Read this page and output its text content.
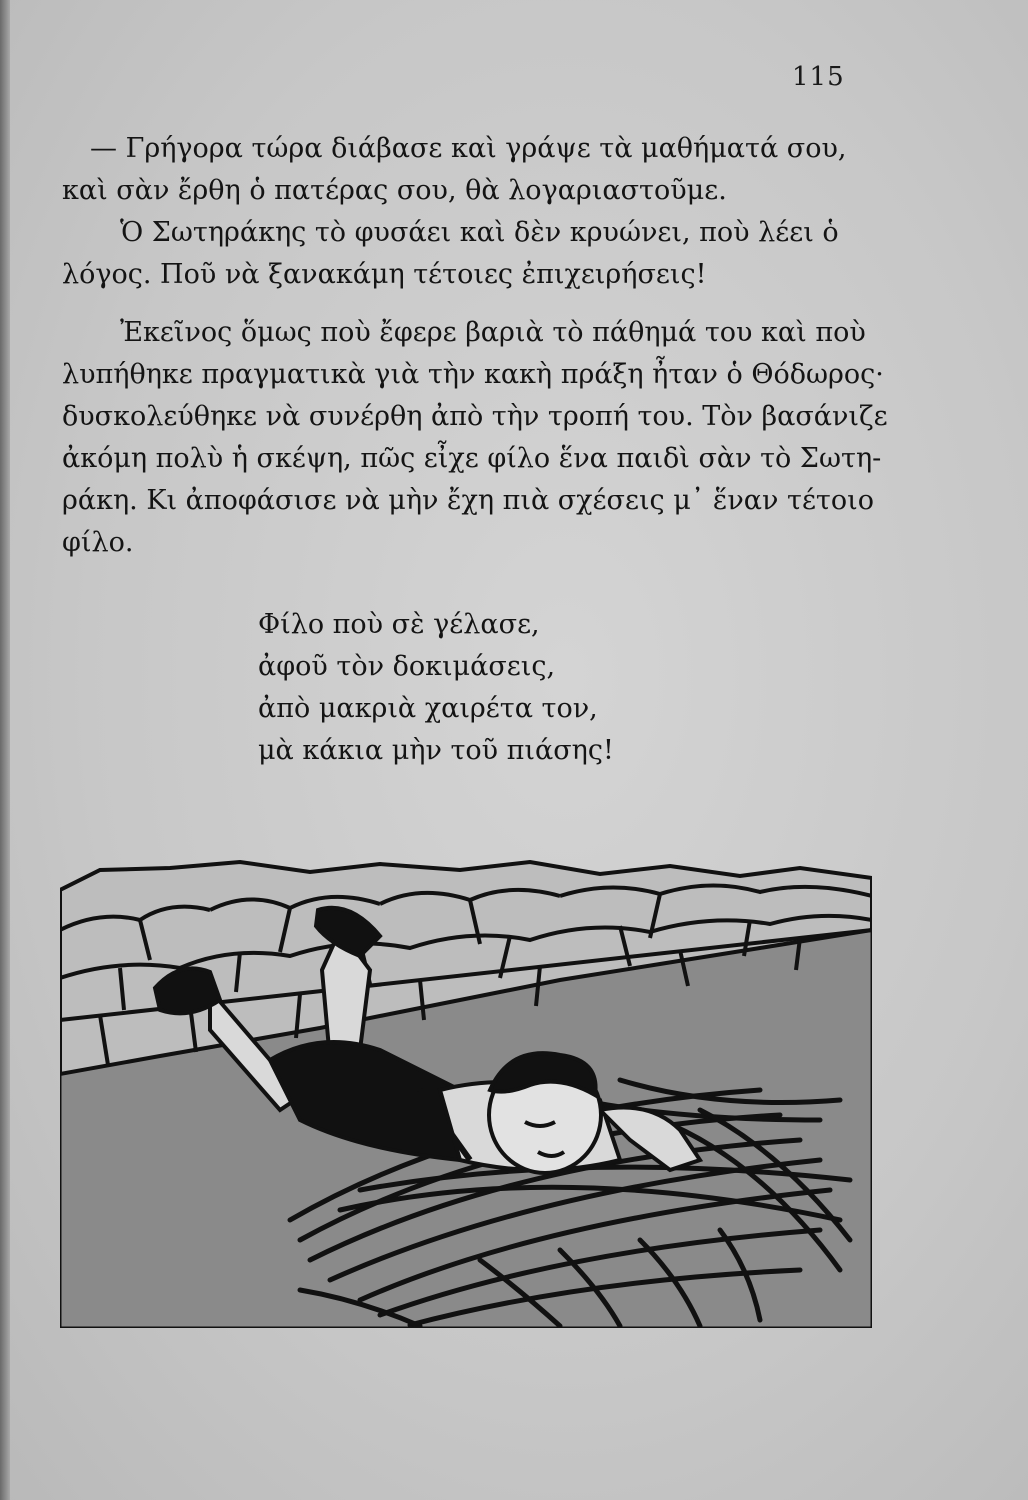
115

— Γρήγορα τώρα διάβασε καὶ γράψε τὰ μαθήματά σου,
καὶ σὰν ἔρθη ὁ πατέρας σου, θὰ λογαριαστοῦμε.

Ὁ Σωτηράκης τὸ φυσάει καὶ δὲν κρυώνει, ποὺ λέει ὁ
λόγος. Ποῦ νὰ ξανακάμη τέτοιες ἐπιχειρήσεις!

Ἐκεῖνος ὅμως ποὺ ἔφερε βαριὰ τὸ πάθημά του καὶ ποὺ
λυπήθηκε πραγματικὰ γιὰ τὴν κακὴ πράξη ἦταν ὁ Θόδωρος·
δυσκολεύθηκε νὰ συνέρθη ἀπὸ τὴν τροπή του. Τὸν βασάνιζε
ἀκόμη πολὺ ἡ σκέψη, πῶς εἶχε φίλο ἕνα παιδὶ σὰν τὸ Σωτη-
ράκη. Κι ἀποφάσισε νὰ μὴν ἔχη πιὰ σχέσεις μ᾽ ἕναν τέτοιο
φίλο.

Φίλο ποὺ σὲ γέλασε,
ἀφοῦ τὸν δοκιμάσεις,
ἀπὸ μακριὰ χαιρέτα τον,
μὰ κάκια μὴν τοῦ πιάσης!
